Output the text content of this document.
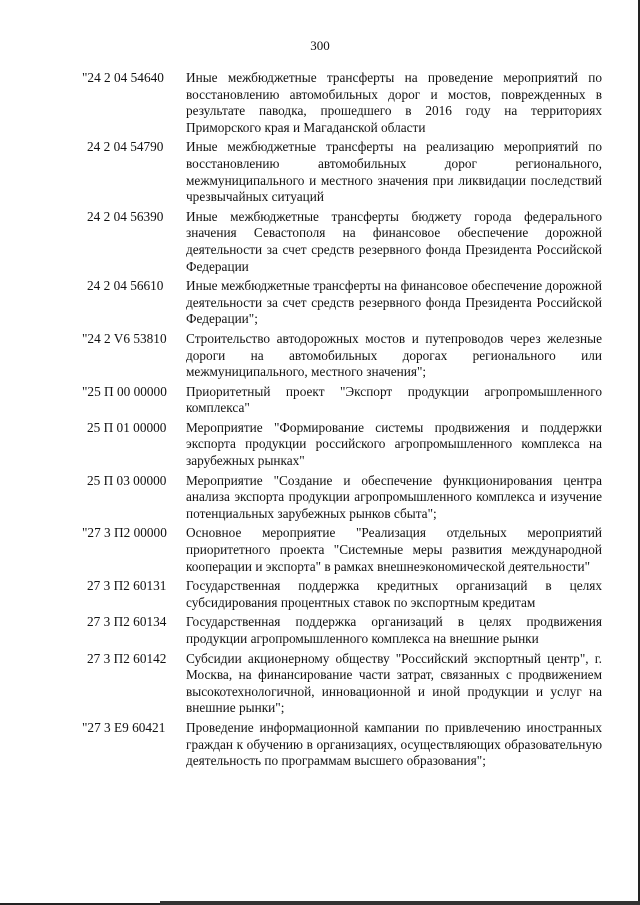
300
"24 2 04 54640	Иные межбюджетные трансферты на проведение мероприятий по восстановлению автомобильных дорог и мостов, поврежденных в результате паводка, прошедшего в 2016 году на территориях Приморского края и Магаданской области
24 2 04 54790	Иные межбюджетные трансферты на реализацию мероприятий по восстановлению автомобильных дорог регионального, межмуниципального и местного значения при ликвидации последствий чрезвычайных ситуаций
24 2 04 56390	Иные межбюджетные трансферты бюджету города федерального значения Севастополя на финансовое обеспечение дорожной деятельности за счет средств резервного фонда Президента Российской Федерации
24 2 04 56610	Иные межбюджетные трансферты на финансовое обеспечение дорожной деятельности за счет средств резервного фонда Президента Российской Федерации";
"24 2 V6 53810	Строительство автодорожных мостов и путепроводов через железные дороги на автомобильных дорогах регионального или межмуниципального, местного значения";
"25 П 00 00000	Приоритетный проект "Экспорт продукции агропромышленного комплекса"
25 П 01 00000	Мероприятие "Формирование системы продвижения и поддержки экспорта продукции российского агропромышленного комплекса на зарубежных рынках"
25 П 03 00000	Мероприятие "Создание и обеспечение функционирования центра анализа экспорта продукции агропромышленного комплекса и изучение потенциальных зарубежных рынков сбыта";
"27 3 П2 00000	Основное мероприятие "Реализация отдельных мероприятий приоритетного проекта "Системные меры развития международной кооперации и экспорта" в рамках внешнеэкономической деятельности"
27 3 П2 60131	Государственная поддержка кредитных организаций в целях субсидирования процентных ставок по экспортным кредитам
27 3 П2 60134	Государственная поддержка организаций в целях продвижения продукции агропромышленного комплекса на внешние рынки
27 3 П2 60142	Субсидии акционерному обществу "Российский экспортный центр", г. Москва, на финансирование части затрат, связанных с продвижением высокотехнологичной, инновационной и иной продукции и услуг на внешние рынки";
"27 3 Е9 60421	Проведение информационной кампании по привлечению иностранных граждан к обучению в организациях, осуществляющих образовательную деятельность по программам высшего образования";
